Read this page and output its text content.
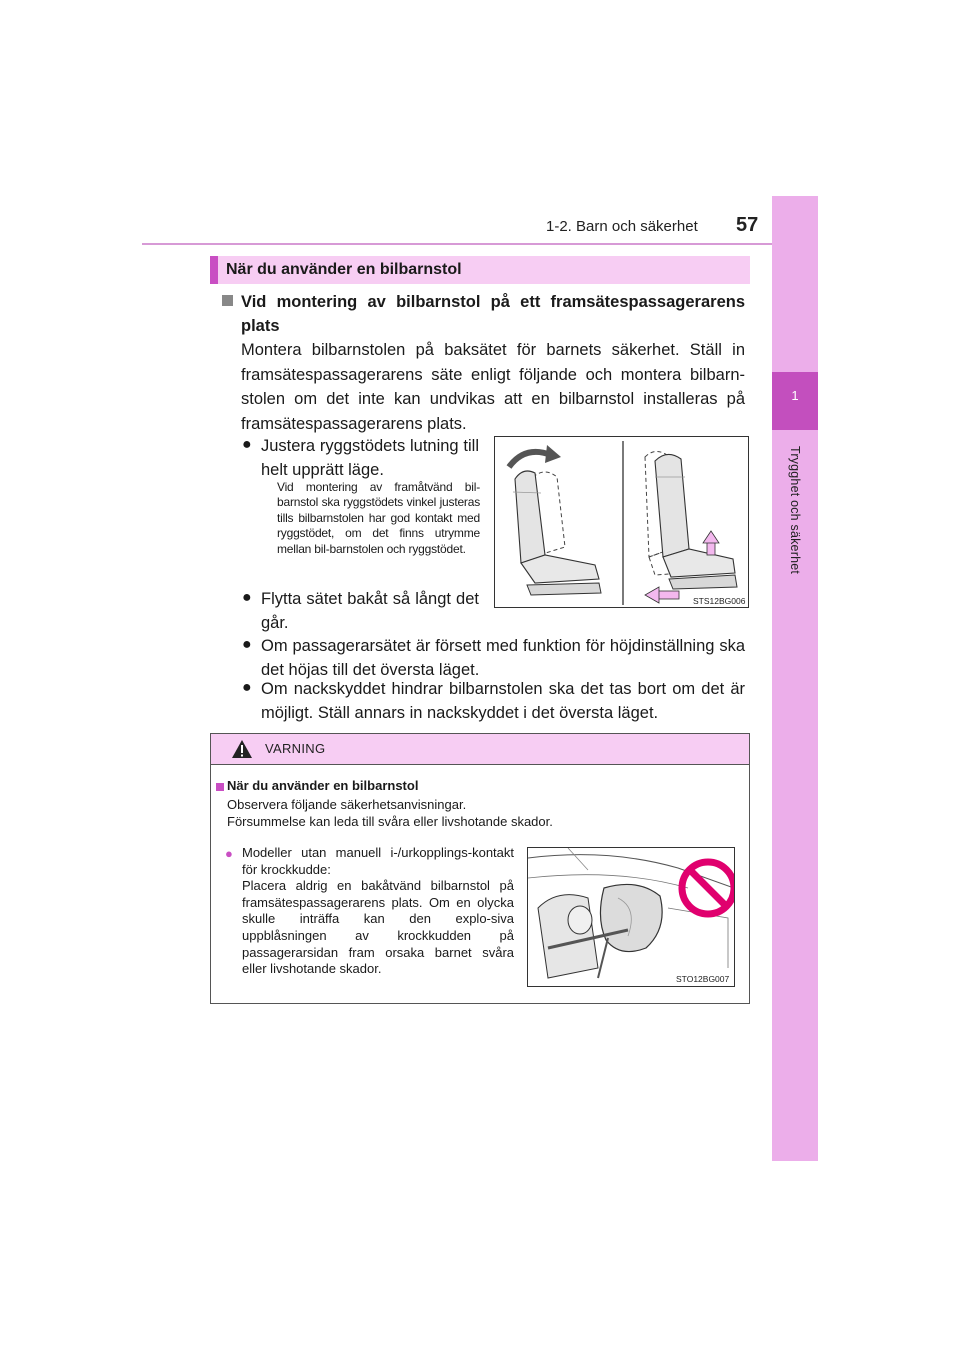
1-2. Barn och säkerhet 57
1
Trygghet och säkerhet
När du använder en bilbarnstol
Vid montering av bilbarnstol på ett framsätespassagerarens plats
Montera bilbarnstolen på baksätet för barnets säkerhet. Ställ in framsätespassagerarens säte enligt följande och montera bilbarn-stolen om det inte kan undvikas att en bilbarnstol installeras på framsätespassagerarens plats.
● Justera ryggstödets lutning till helt upprätt läge.
Vid montering av framåtvänd bil-barnstol ska ryggstödets vinkel justeras tills bilbarnstolen har god kontakt med ryggstödet, om det finns utrymme mellan bil-barnstolen och ryggstödet.
● Flytta sätet bakåt så långt det går.
● Om passagerarsätet är försett med funktion för höjdinställning ska det höjas till det översta läget.
● Om nackskyddet hindrar bilbarnstolen ska det tas bort om det är möjligt. Ställ annars in nackskyddet i det översta läget.
STS12BG006
VARNING
När du använder en bilbarnstol
Observera följande säkerhetsanvisningar.
Försummelse kan leda till svåra eller livshotande skador.
● Modeller utan manuell i-/urkopplings-kontakt för krockkudde:
Placera aldrig en bakåtvänd bilbarnstol på framsätespassagerarens plats. Om en olycka skulle inträffa kan den explo-siva uppblåsningen av krockkudden på passagerarsidan fram orsaka barnet svåra eller livshotande skador.
STO12BG007
